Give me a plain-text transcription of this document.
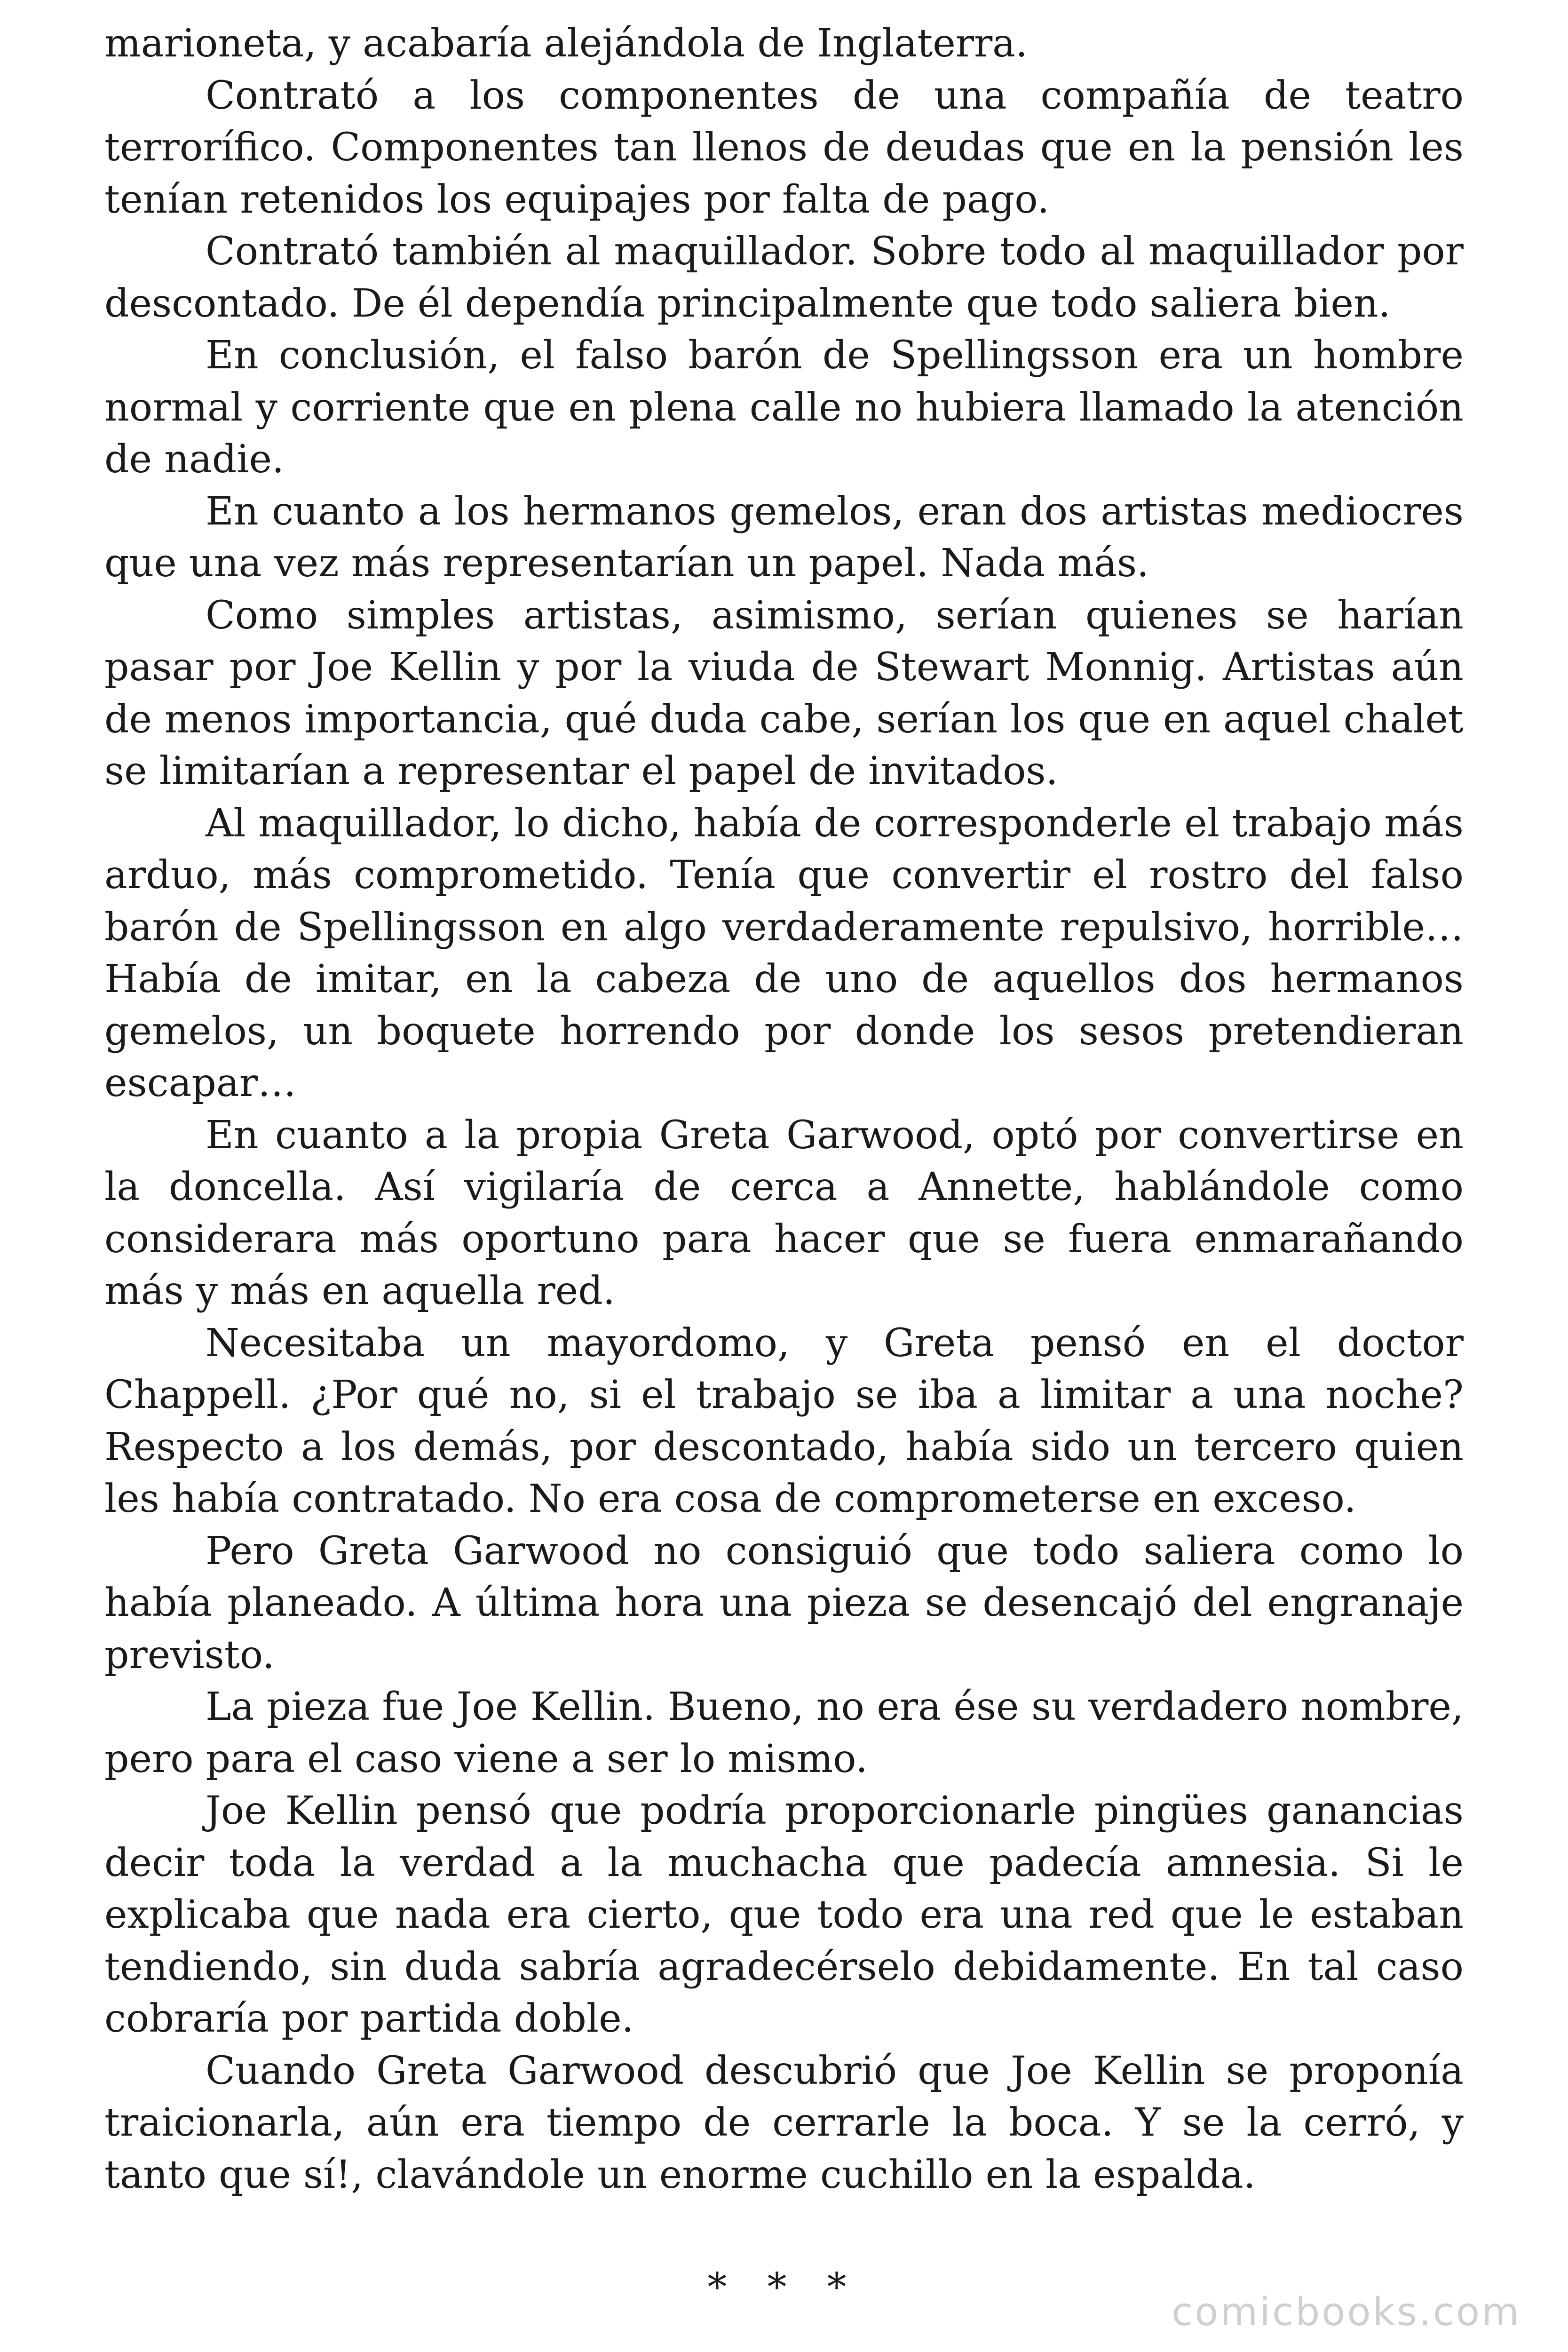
marioneta, y acabaría alejándola de Inglaterra.

Contrató a los componentes de una compañía de teatro terrorífico. Componentes tan llenos de deudas que en la pensión les tenían retenidos los equipajes por falta de pago.

Contrató también al maquillador. Sobre todo al maquillador por descontado. De él dependía principalmente que todo saliera bien.

En conclusión, el falso barón de Spellingsson era un hombre normal y corriente que en plena calle no hubiera llamado la atención de nadie.

En cuanto a los hermanos gemelos, eran dos artistas mediocres que una vez más representarían un papel. Nada más.

Como simples artistas, asimismo, serían quienes se harían pasar por Joe Kellin y por la viuda de Stewart Monnig. Artistas aún de menos importancia, qué duda cabe, serían los que en aquel chalet se limitarían a representar el papel de invitados.

Al maquillador, lo dicho, había de corresponderle el trabajo más arduo, más comprometido. Tenía que convertir el rostro del falso barón de Spellingsson en algo verdaderamente repulsivo, horrible… Había de imitar, en la cabeza de uno de aquellos dos hermanos gemelos, un boquete horrendo por donde los sesos pretendieran escapar…

En cuanto a la propia Greta Garwood, optó por convertirse en la doncella. Así vigilaría de cerca a Annette, hablándole como considerara más oportuno para hacer que se fuera enmarañando más y más en aquella red.

Necesitaba un mayordomo, y Greta pensó en el doctor Chappell. ¿Por qué no, si el trabajo se iba a limitar a una noche? Respecto a los demás, por descontado, había sido un tercero quien les había contratado. No era cosa de comprometerse en exceso.

Pero Greta Garwood no consiguió que todo saliera como lo había planeado. A última hora una pieza se desencajó del engranaje previsto.

La pieza fue Joe Kellin. Bueno, no era ése su verdadero nombre, pero para el caso viene a ser lo mismo.

Joe Kellin pensó que podría proporcionarle pingües ganancias decir toda la verdad a la muchacha que padecía amnesia. Si le explicaba que nada era cierto, que todo era una red que le estaban tendiendo, sin duda sabría agradecérselo debidamente. En tal caso cobraría por partida doble.

Cuando Greta Garwood descubrió que Joe Kellin se proponía traicionarla, aún era tiempo de cerrarle la boca. Y se la cerró, y tanto que sí!, clavándole un enorme cuchillo en la espalda.

* * *
comicbooks.com
